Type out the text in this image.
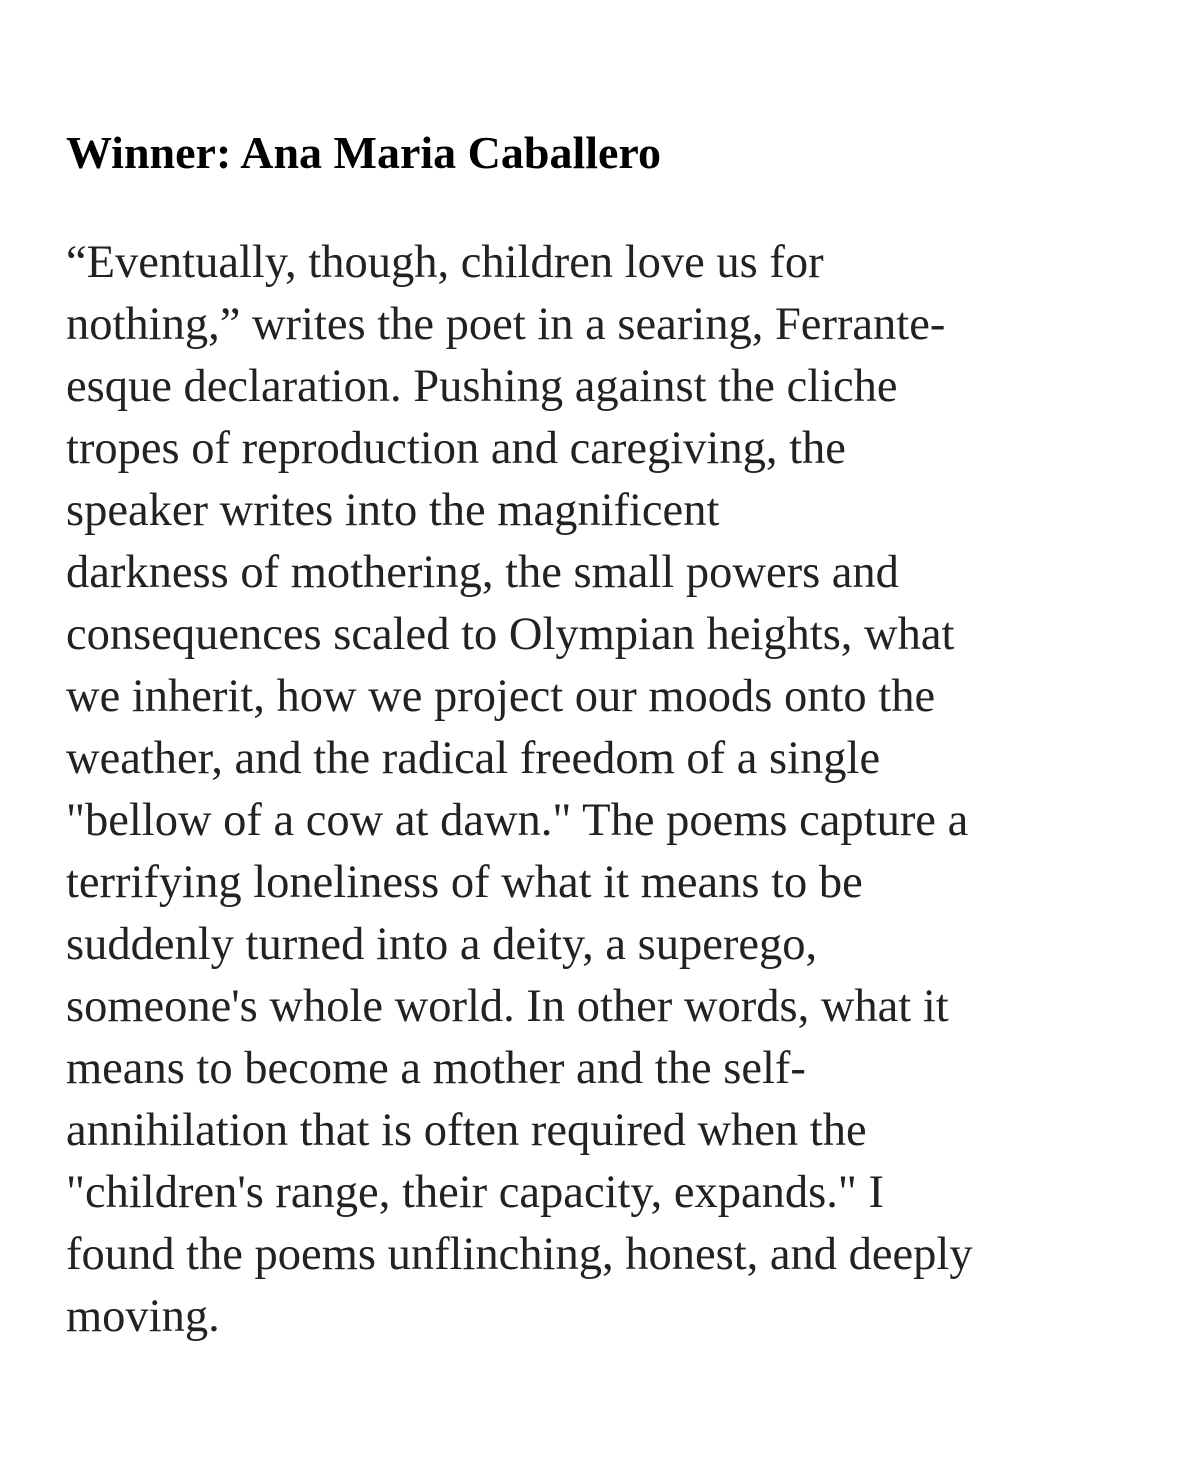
Winner: Ana Maria Caballero

“Eventually, though, children love us for
nothing,” writes the poet in a searing, Ferrante-
esque declaration. Pushing against the cliche
tropes of reproduction and caregiving, the
speaker writes into the magnificent
darkness of mothering, the small powers and
consequences scaled to Olympian heights, what
we inherit, how we project our moods onto the
weather, and the radical freedom of a single
"bellow of a cow at dawn." The poems capture a
terrifying loneliness of what it means to be
suddenly turned into a deity, a superego,
someone's whole world. In other words, what it
means to become a mother and the self-
annihilation that is often required when the
"children's range, their capacity, expands." I
found the poems unflinching, honest, and deeply
moving.
